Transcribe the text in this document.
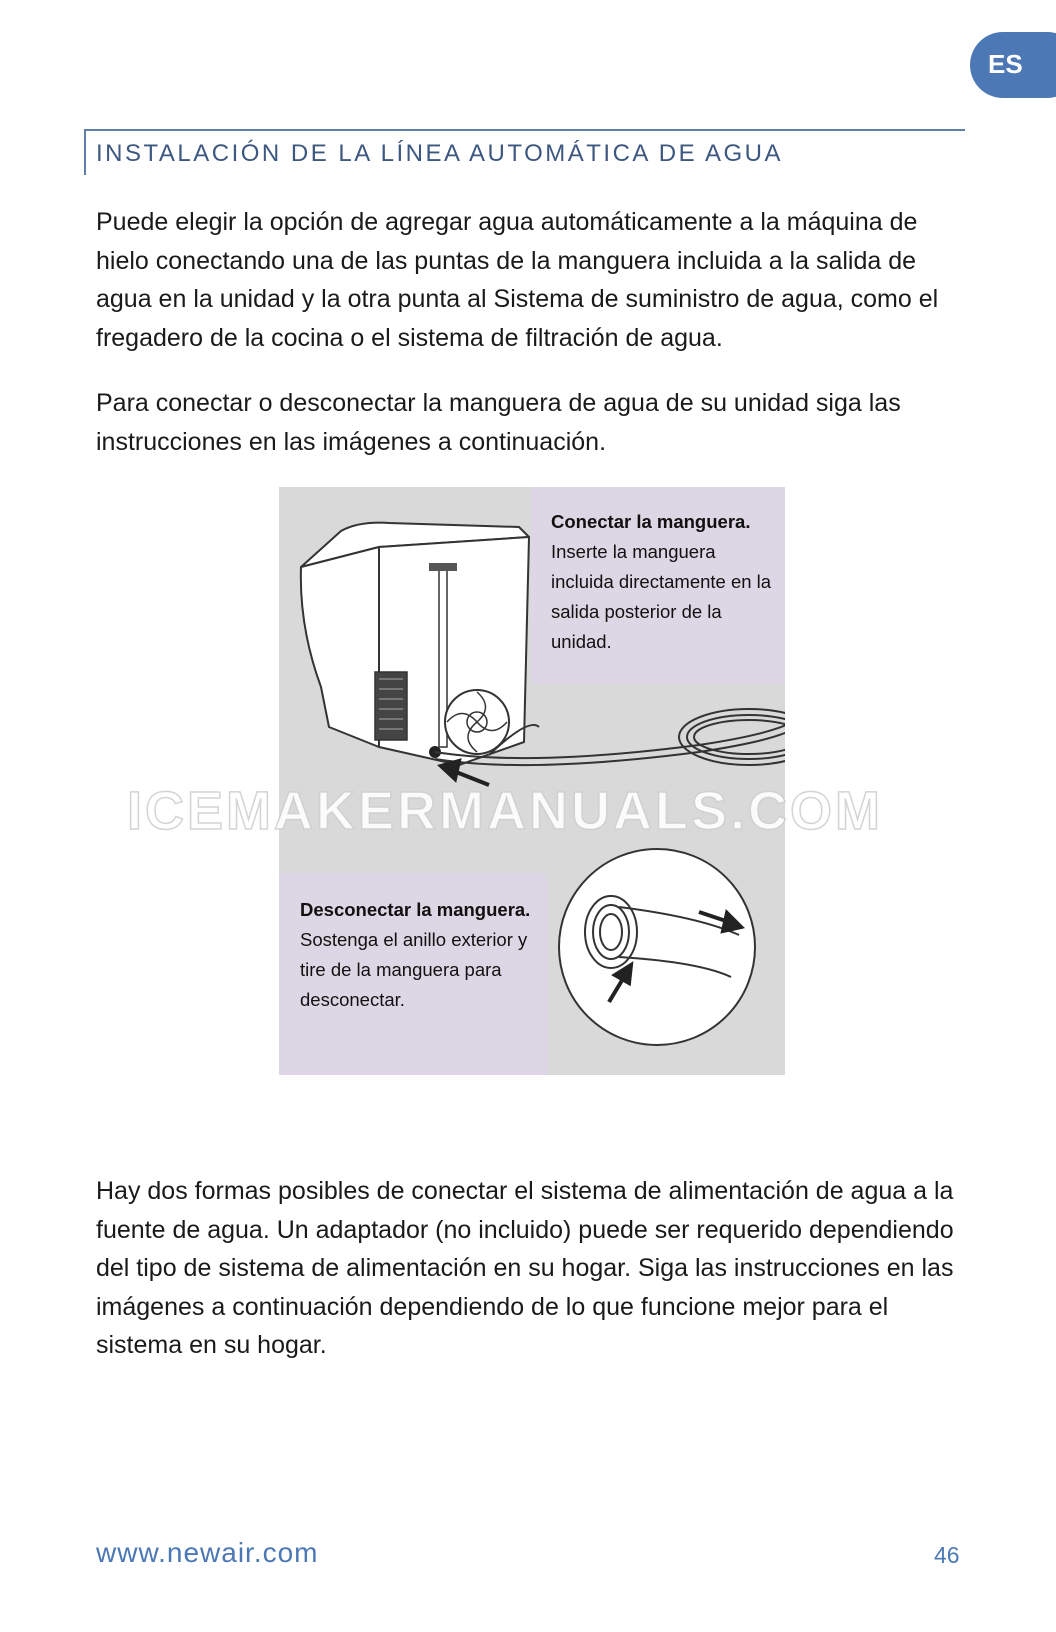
ES
INSTALACIÓN DE LA LÍNEA AUTOMÁTICA DE AGUA

Puede elegir la opción de agregar agua automáticamente a la máquina de hielo conectando una de las puntas de la manguera incluida a la salida de agua en la unidad y la otra punta al Sistema de suministro de agua, como el fregadero de la cocina o el sistema de filtración de agua.

Para conectar o desconectar la manguera de agua de su unidad siga las instrucciones en las imágenes a continuación.

Conectar la manguera.
Inserte la manguera incluida directamente en la salida posterior de la unidad.
Desconectar la manguera. Sostenga el anillo exterior y tire de la manguera para desconectar.
ICEMAKERMANUALS.COM

Hay dos formas posibles de conectar el sistema de alimentación de agua a la fuente de agua. Un adaptador (no incluido) puede ser requerido dependiendo del tipo de sistema de alimentación en su hogar. Siga las instrucciones en las imágenes a continuación dependiendo de lo que funcione mejor para el sistema en su hogar.

www.newair.com	46
